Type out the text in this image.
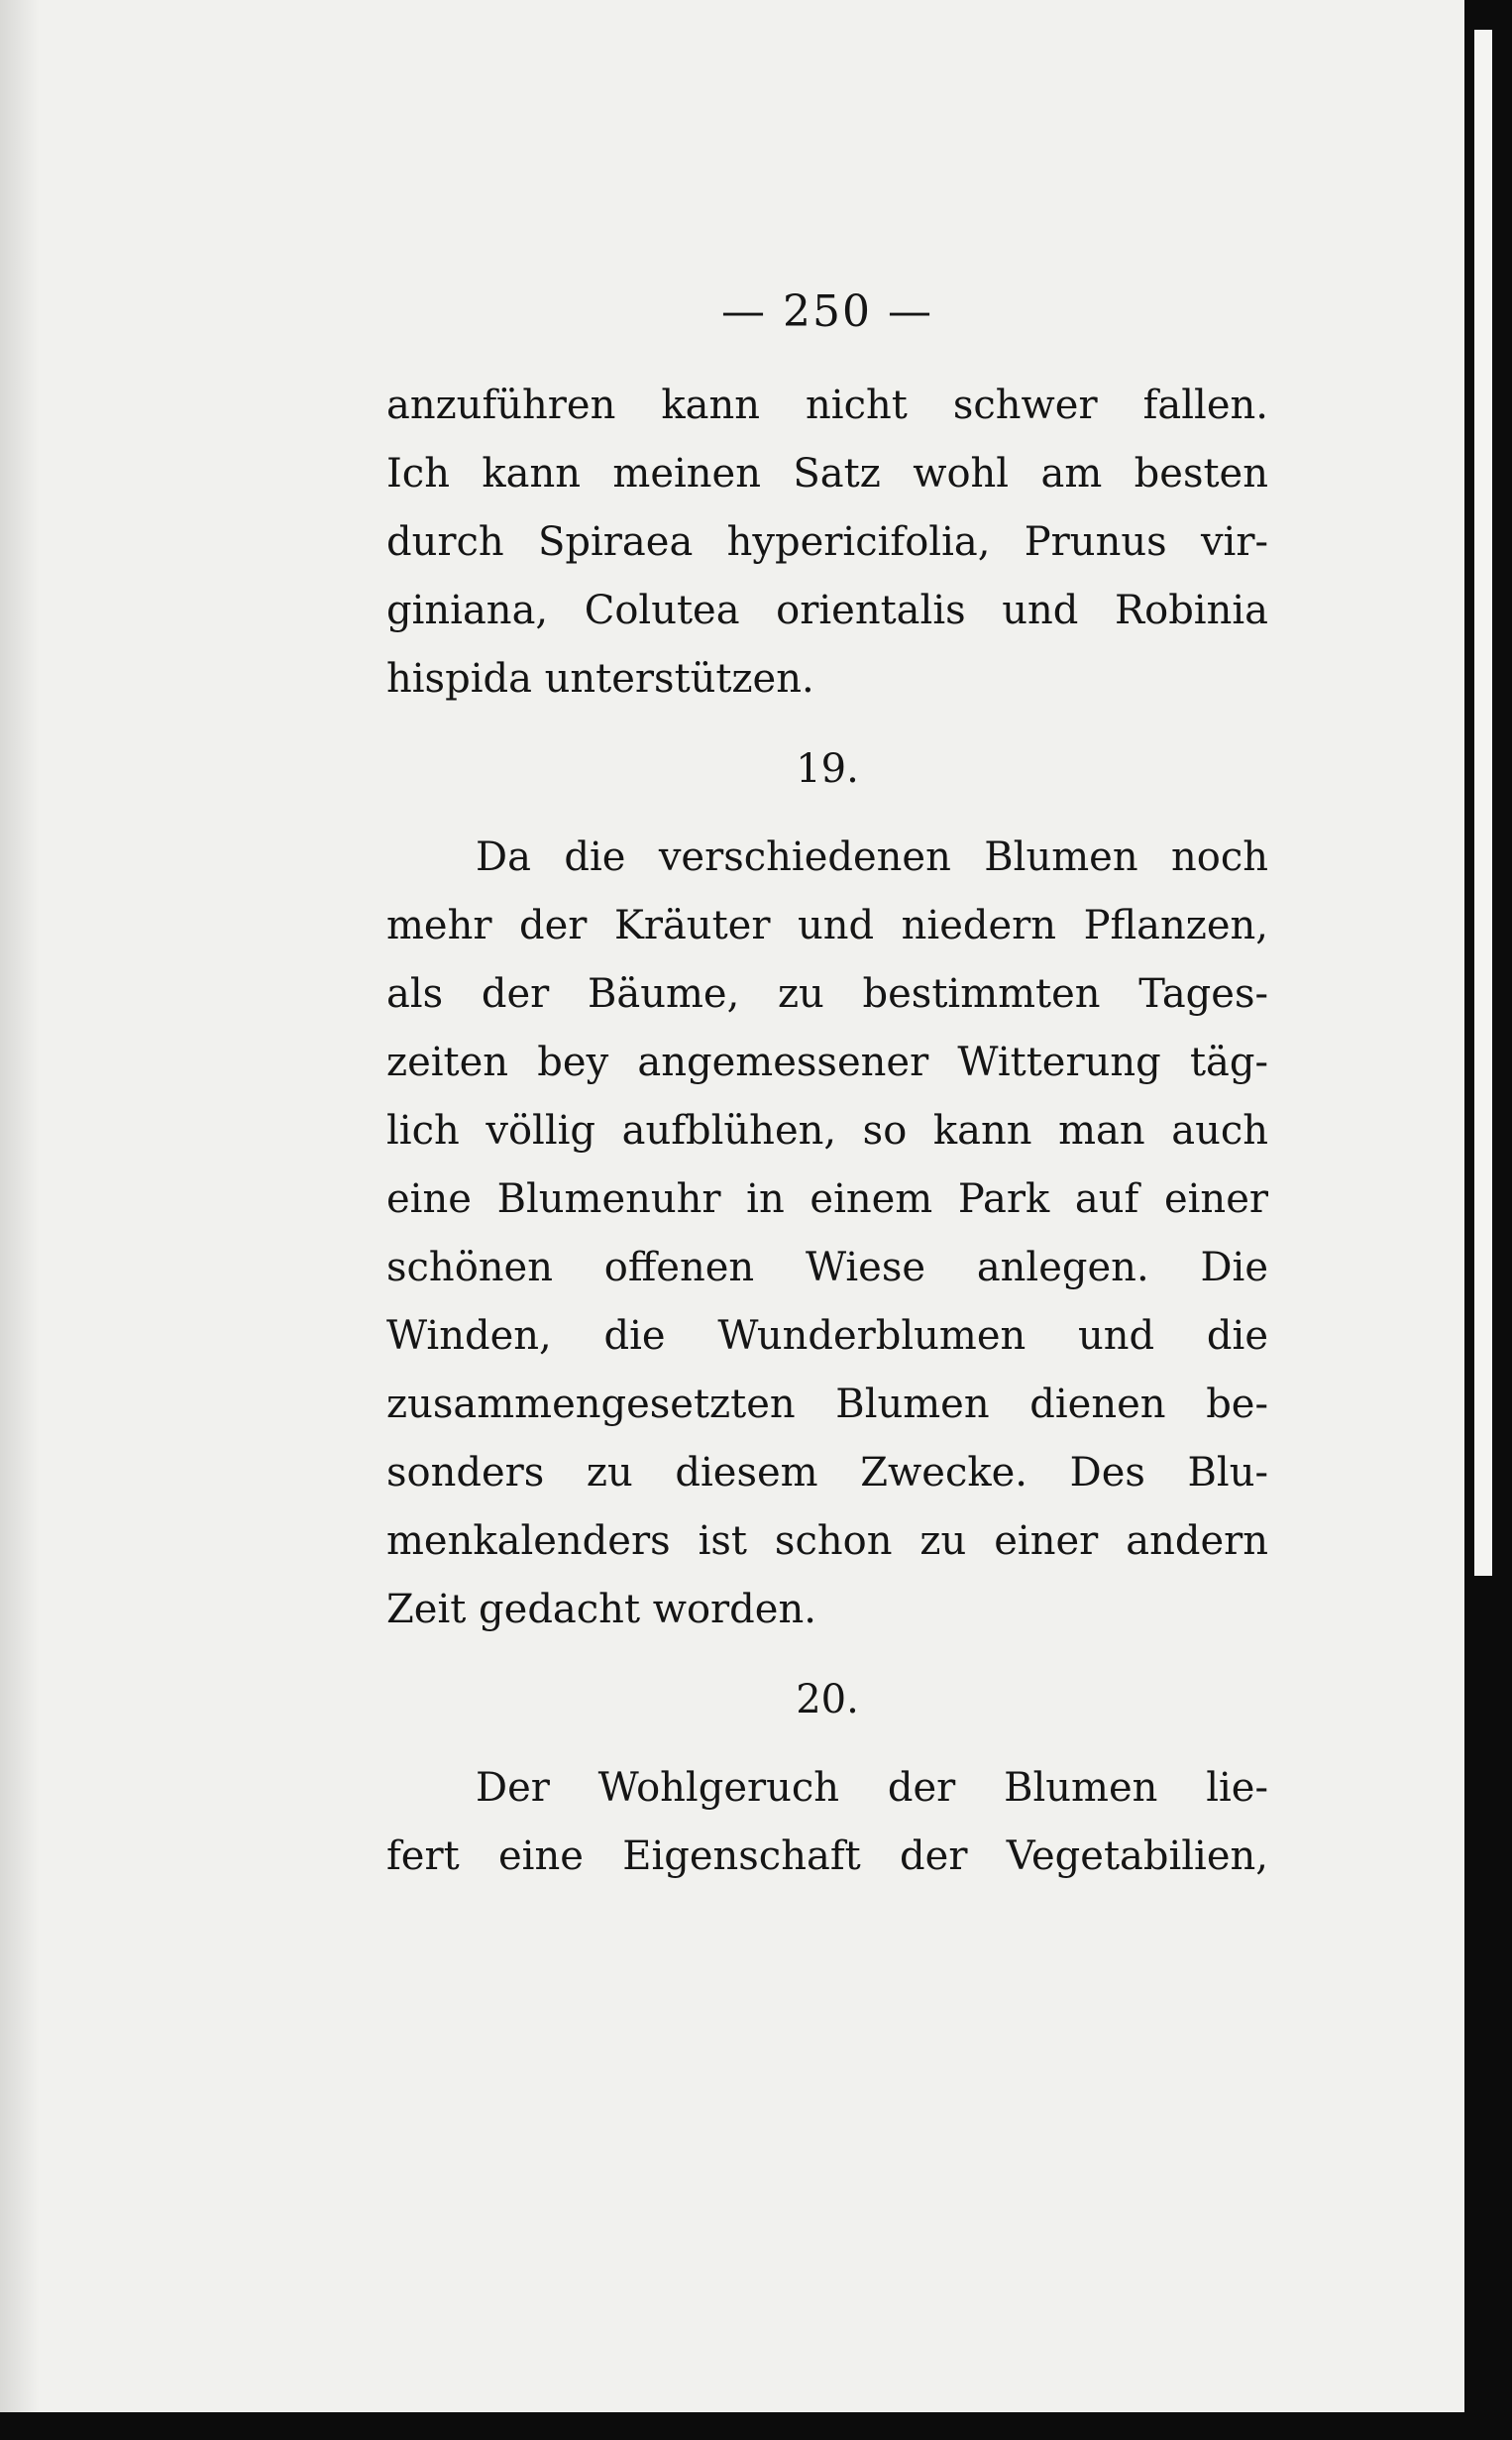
— 250 —
anzuführen kann nicht schwer fallen.
Ich kann meinen Satz wohl am besten
durch Spiraea hypericifolia, Prunus vir-
giniana, Colutea orientalis und Robinia
hispida unterstützen.
19.
Da die verschiedenen Blumen noch
mehr der Kräuter und niedern Pflanzen,
als der Bäume, zu bestimmten Tages-
zeiten bey angemessener Witterung täg-
lich völlig aufblühen, so kann man auch
eine Blumenuhr in einem Park auf einer
schönen offenen Wiese anlegen. Die
Winden, die Wunderblumen und die
zusammengesetzten Blumen dienen be-
sonders zu diesem Zwecke. Des Blu-
menkalenders ist schon zu einer andern
Zeit gedacht worden.
20.
Der Wohlgeruch der Blumen lie-
fert eine Eigenschaft der Vegetabilien,
